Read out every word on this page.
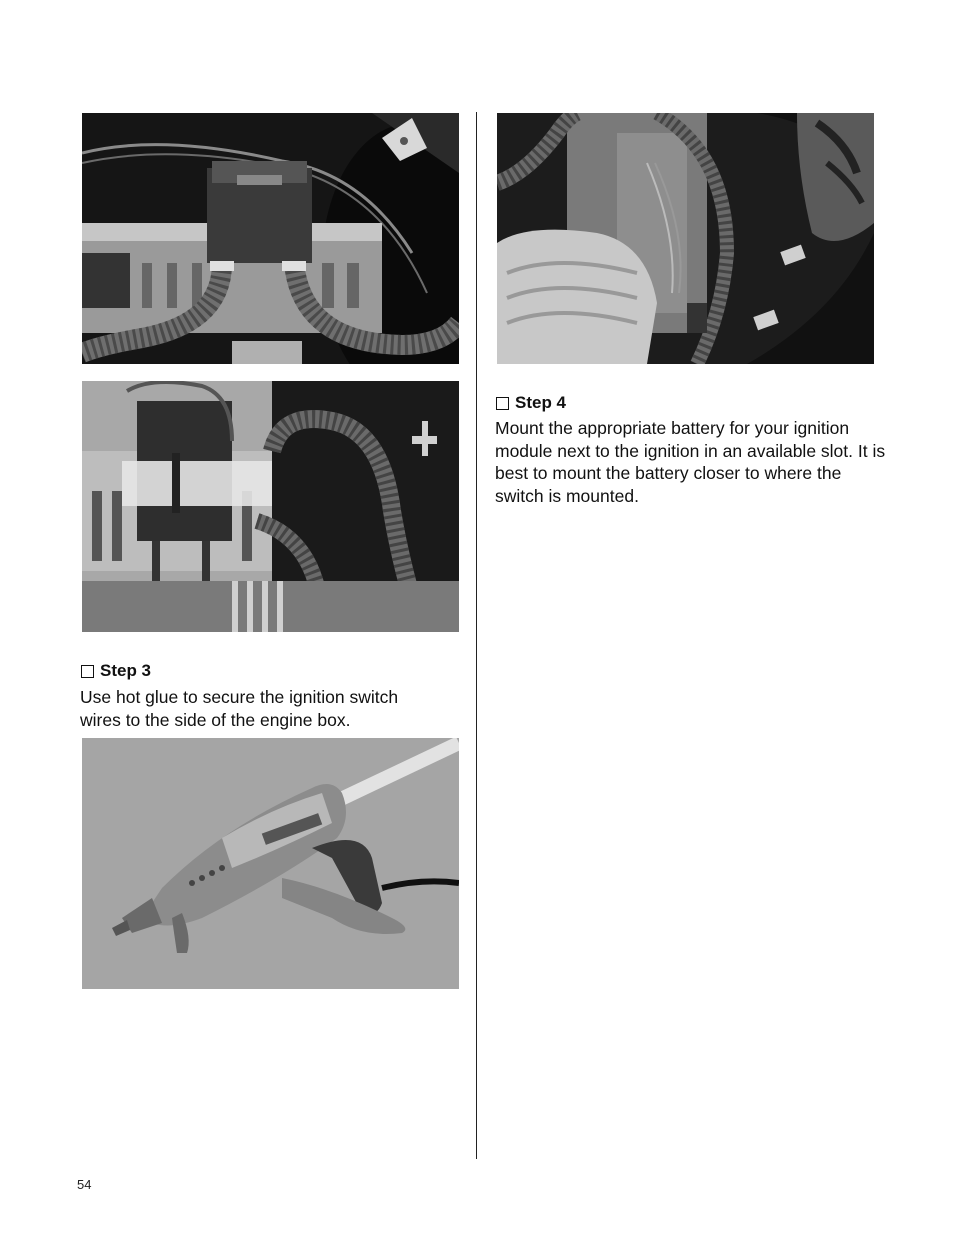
Step 3

Use hot glue to secure the ignition switch wires to the side of the engine box.

Step 4

Mount the appropriate battery for your ignition module next to the ignition in an available slot. It is best to mount the battery closer to where the switch is mounted.

54
